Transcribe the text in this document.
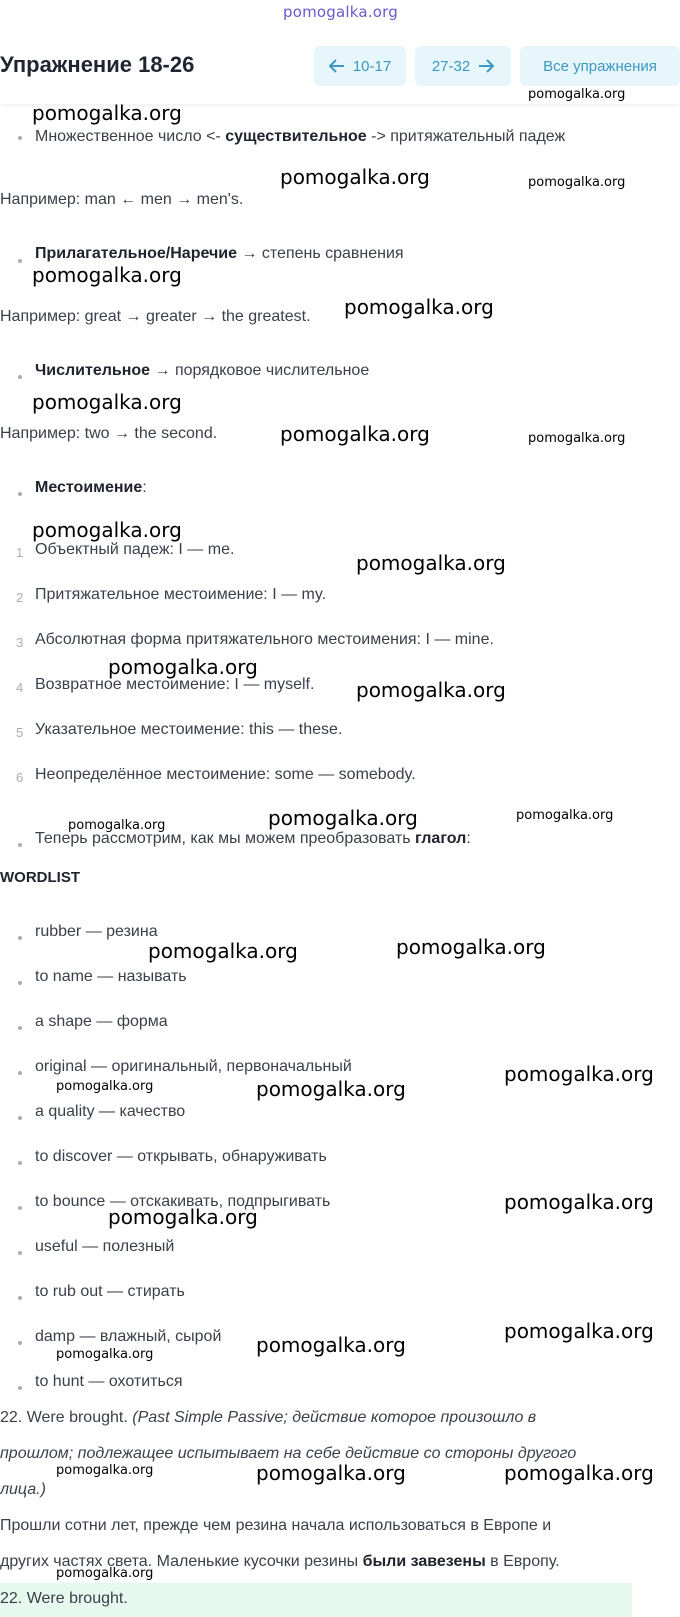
pomogalka.org
Упражнение 18-26	10-17	27-32	Все упражнения
Множественное число <- существительное -> притяжательный падеж
Например: man ← men → men's.
Прилагательное/Наречие → степень сравнения
Например: great → greater → the greatest.
Числительное → порядковое числительное
Например: two → the second.
Местоимение:
1 Объектный падеж: I — me.
2 Притяжательное местоимение: I — my.
3 Абсолютная форма притяжательного местоимения: I — mine.
4 Возвратное местоимение: I — myself.
5 Указательное местоимение: this — these.
6 Неопределённое местоимение: some — somebody.
Теперь рассмотрим, как мы можем преобразовать глагол:
WORDLIST
rubber — резина
to name — называть
a shape — форма
original — оригинальный, первоначальный
a quality — качество
to discover — открывать, обнаруживать
to bounce — отскакивать, подпрыгивать
useful — полезный
to rub out — стирать
damp — влажный, сырой
to hunt — охотиться
22. Were brought. (Past Simple Passive; действие которое произошло в
прошлом; подлежащее испытывает на себе действие со стороны другого
лица.)
Прошли сотни лет, прежде чем резина начала использоваться в Европе и
других частях света. Маленькие кусочки резины были завезены в Европу.
22. Were brought.
pomogalka.org
pomogalka.org
pomogalka.org	pomogalka.org
pomogalka.org
pomogalka.org
pomogalka.org
pomogalka.org	pomogalka.org
pomogalka.org
pomogalka.org
pomogalka.org
pomogalka.org
pomogalka.org	pomogalka.org	pomogalka.org
pomogalka.org	pomogalka.org
pomogalka.org	pomogalka.org
pomogalka.org
pomogalka.org
pomogalka.org
pomogalka.org	pomogalka.org
pomogalka.org
pomogalka.org	pomogalka.org	pomogalka.org
pomogalka.org
